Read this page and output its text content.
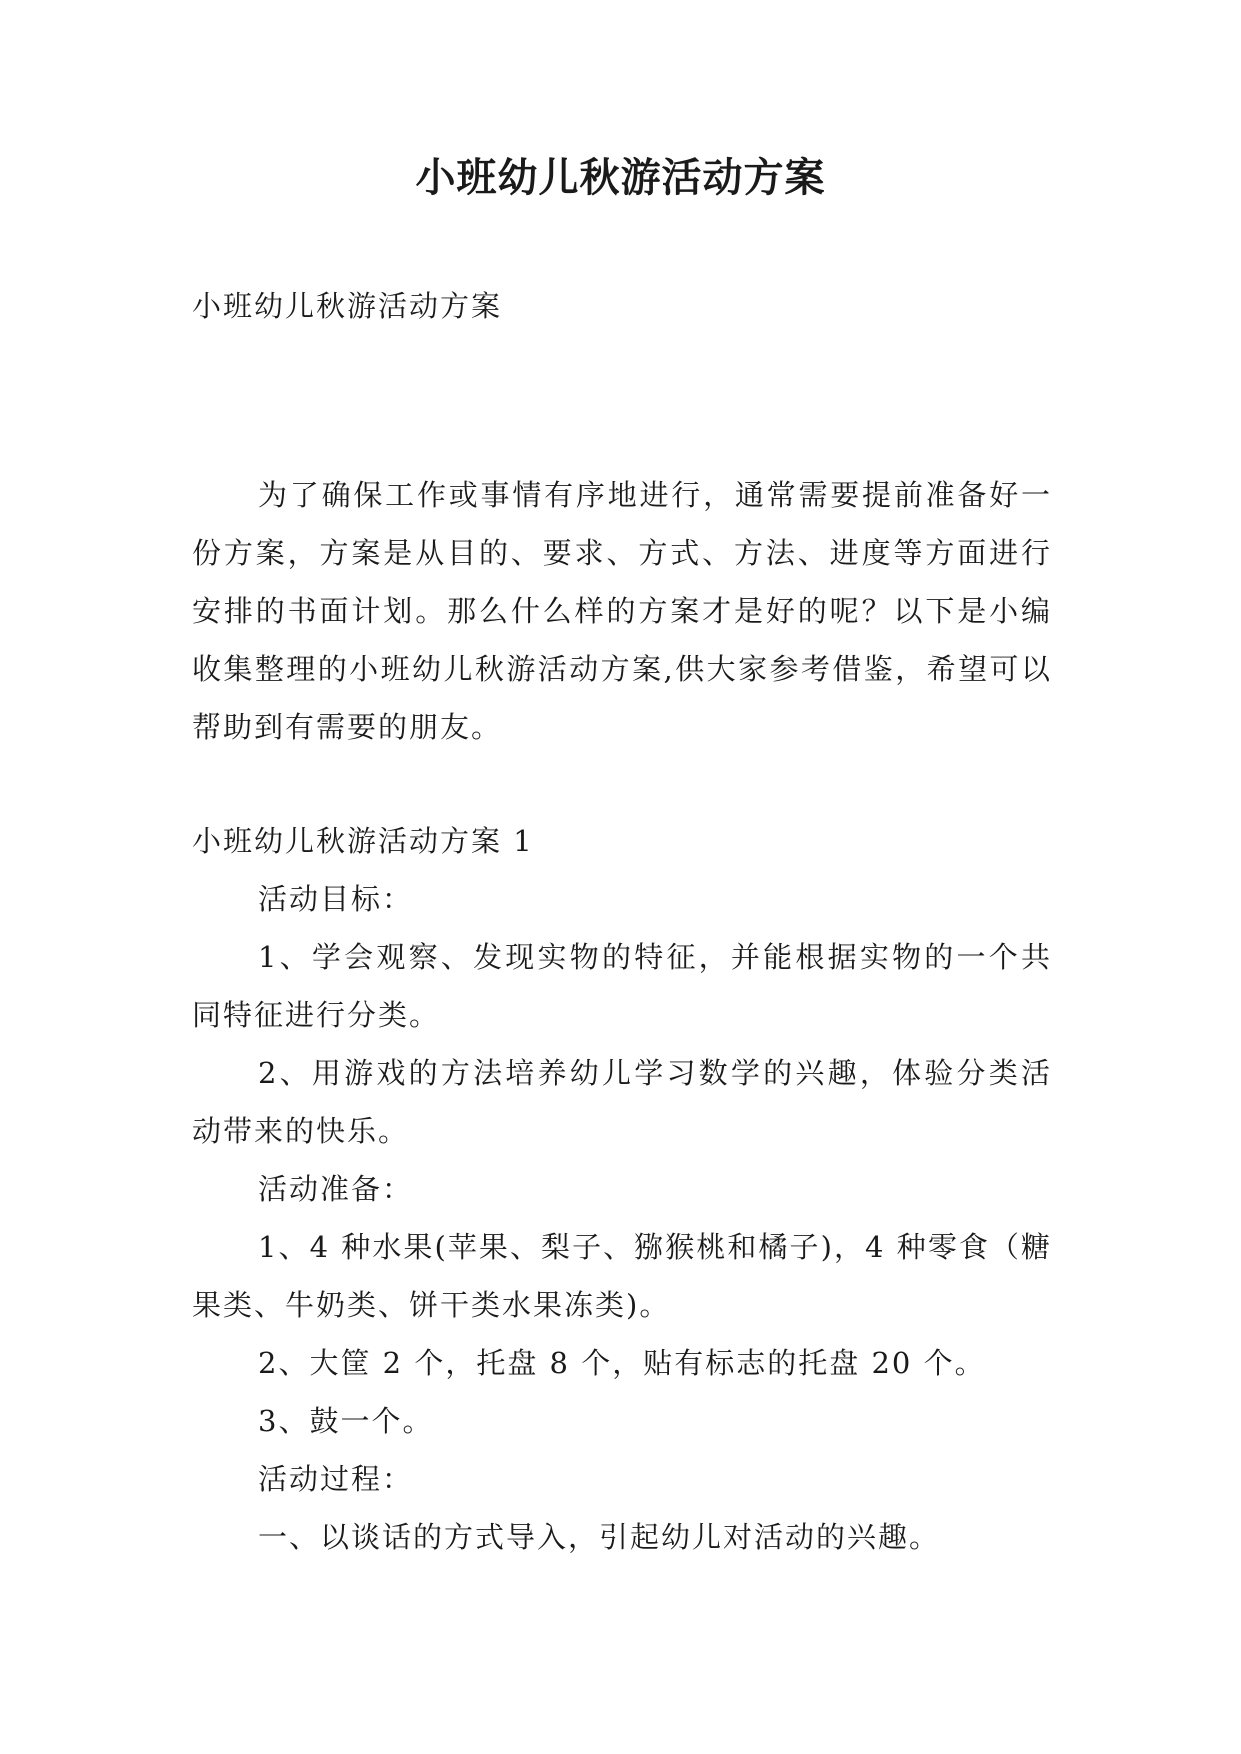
小班幼儿秋游活动方案
小班幼儿秋游活动方案
为了确保工作或事情有序地进行，通常需要提前准备好一份方案，方案是从目的、要求、方式、方法、进度等方面进行安排的书面计划。那么什么样的方案才是好的呢？以下是小编收集整理的小班幼儿秋游活动方案,供大家参考借鉴，希望可以帮助到有需要的朋友。

小班幼儿秋游活动方案 1

活动目标：

1、学会观察、发现实物的特征，并能根据实物的一个共同特征进行分类。

2、用游戏的方法培养幼儿学习数学的兴趣，体验分类活动带来的快乐。

活动准备：

1、4 种水果(苹果、梨子、猕猴桃和橘子)，4 种零食（糖果类、牛奶类、饼干类水果冻类)。

2、大筐 2 个，托盘 8 个，贴有标志的托盘 20 个。

3、鼓一个。

活动过程：

一、以谈话的方式导入，引起幼儿对活动的兴趣。
